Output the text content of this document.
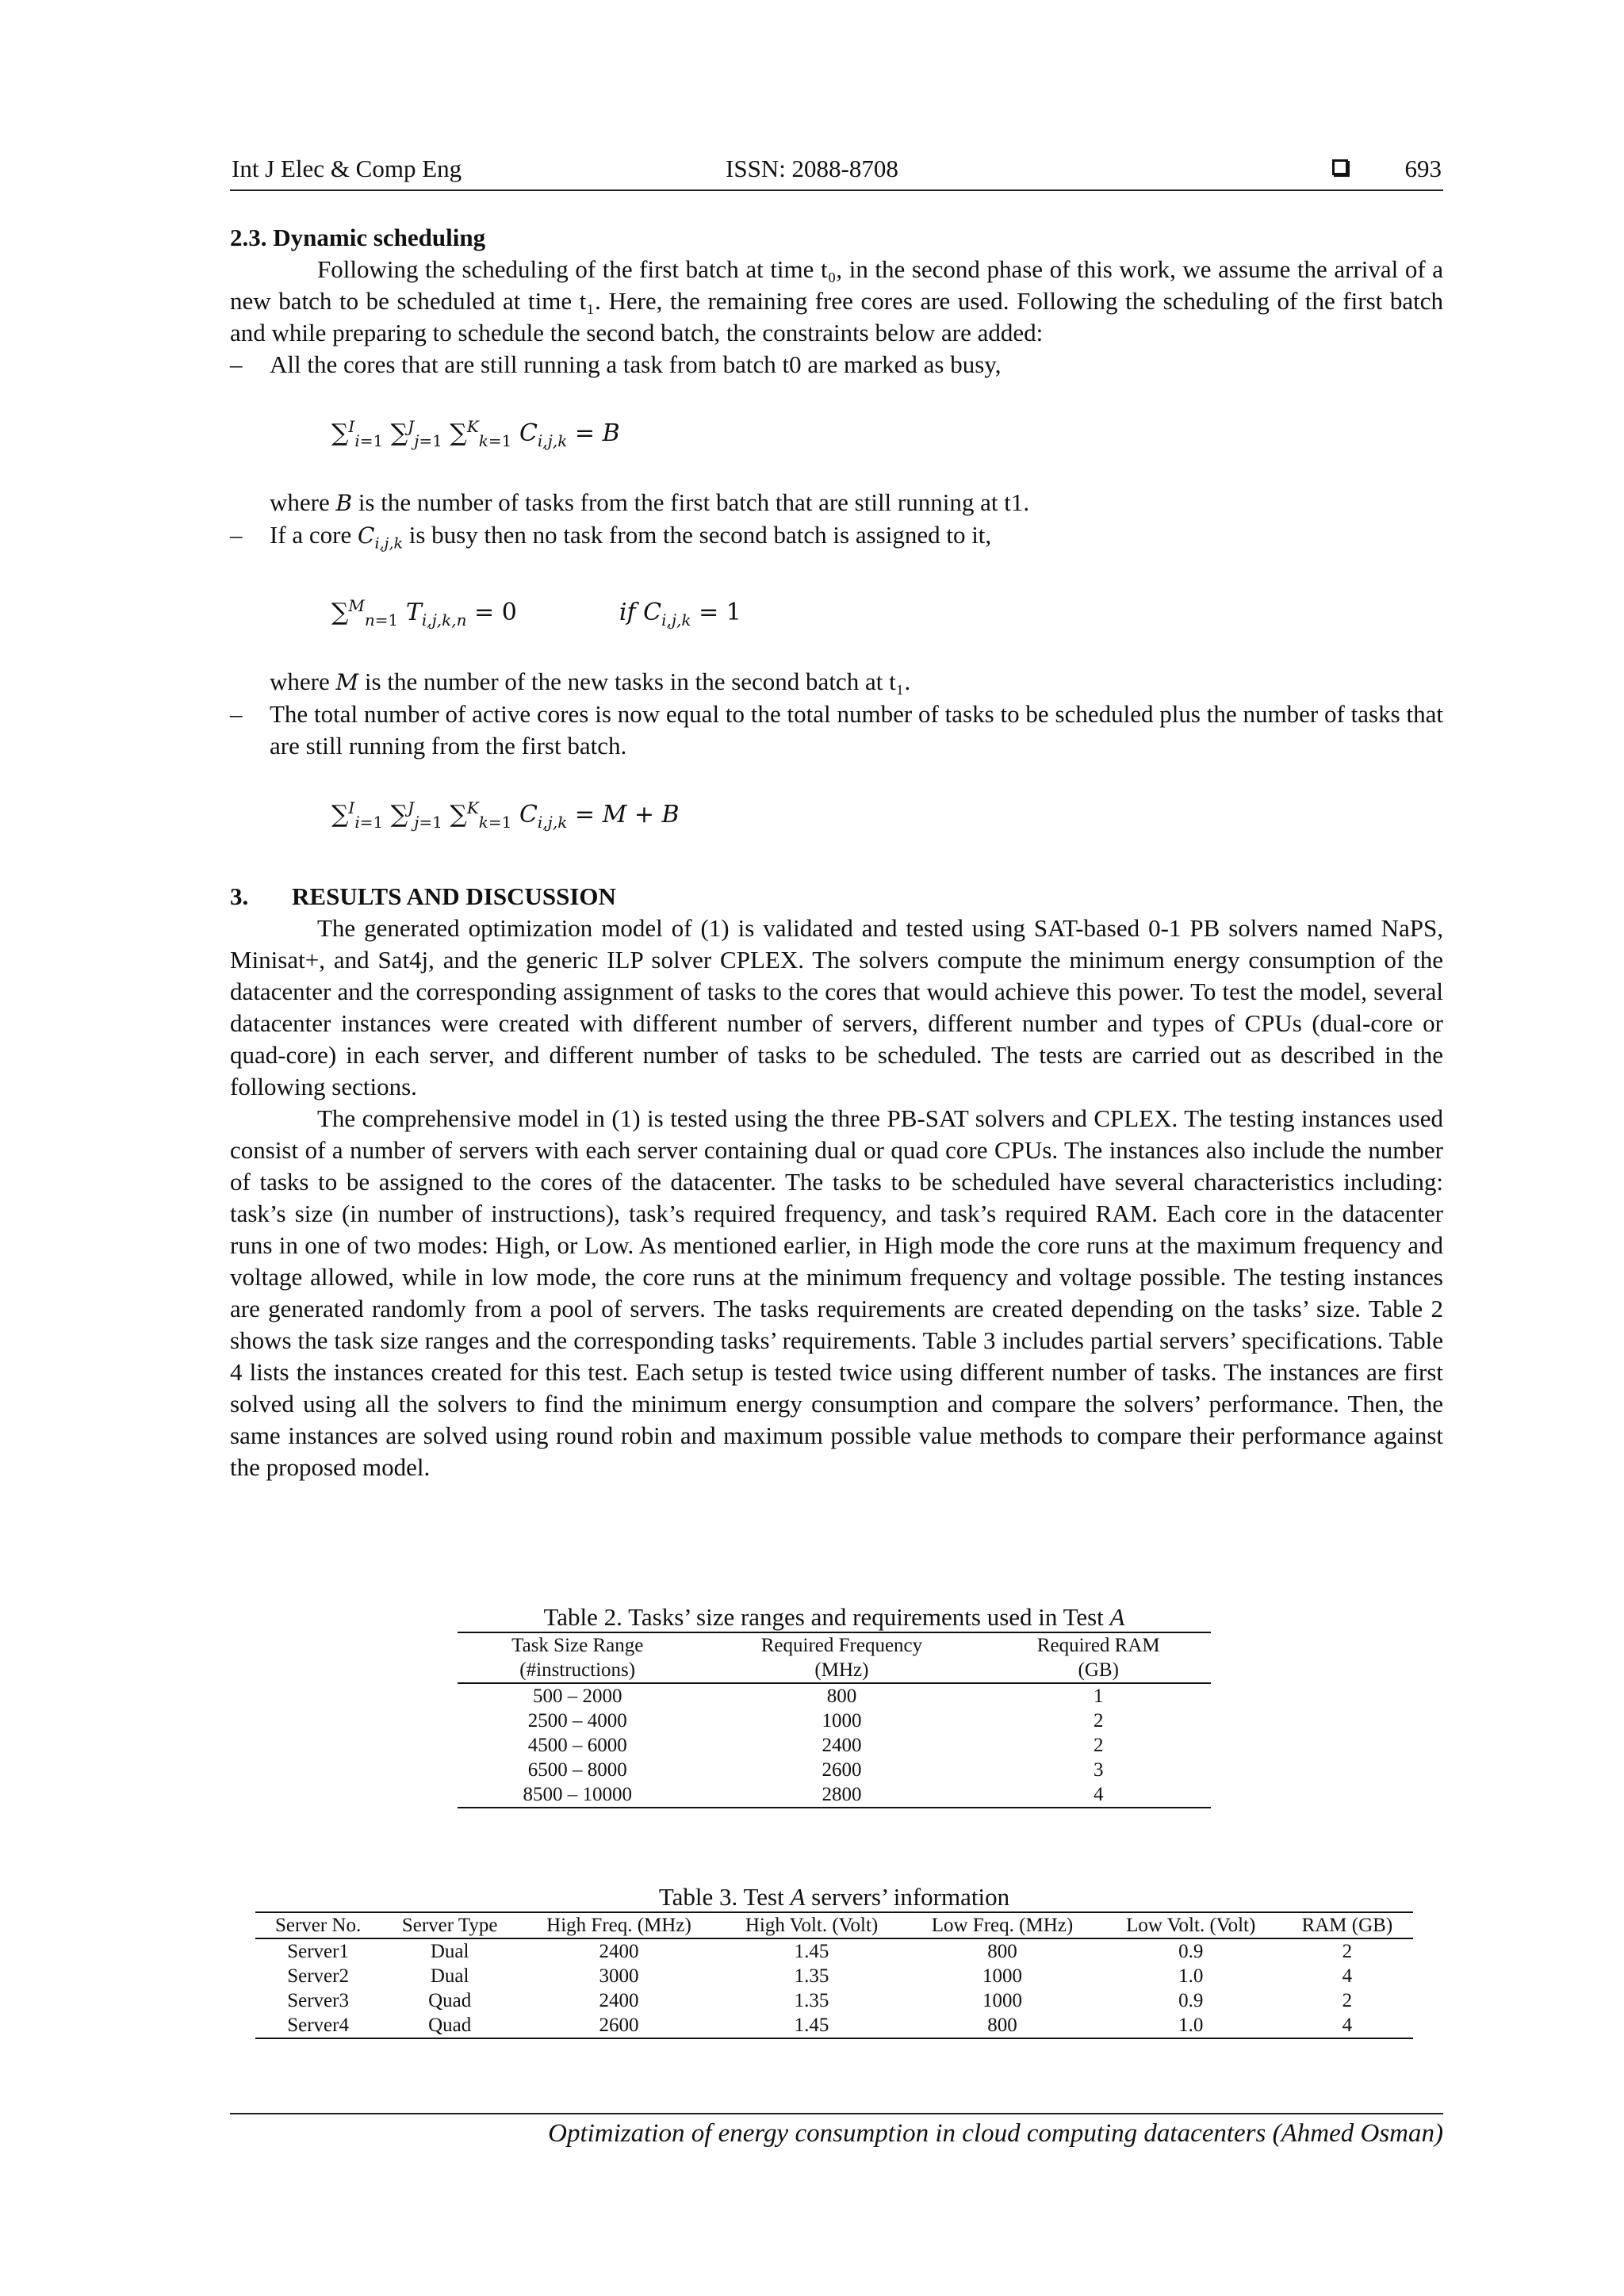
Int J Elec & Comp Eng	ISSN: 2088-8708	693
2.3. Dynamic scheduling

Following the scheduling of the first batch at time t₀, in the second phase of this work, we assume the arrival of a new batch to be scheduled at time t₁. Here, the remaining free cores are used. Following the scheduling of the first batch and while preparing to schedule the second batch, the constraints below are added:

– All the cores that are still running a task from batch t0 are marked as busy,
∑$^I_{i=1}$ ∑$^J_{j=1}$ ∑$^K_{k=1}$ $C_{i,j,k} = B$

where B is the number of tasks from the first batch that are still running at t1.

– If a core $C_{i,j,k}$ is busy then no task from the second batch is assigned to it,
∑$^M_{n=1}$ $T_{i,j,k,n} = 0$	if $C_{i,j,k} = 1$

where M is the number of the new tasks in the second batch at t₁.

– The total number of active cores is now equal to the total number of tasks to be scheduled plus the number of tasks that are still running from the first batch.
∑$^I_{i=1}$ ∑$^J_{j=1}$ ∑$^K_{k=1}$ $C_{i,j,k} = M + B$
3. RESULTS AND DISCUSSION

The generated optimization model of (1) is validated and tested using SAT-based 0-1 PB solvers named NaPS, Minisat+, and Sat4j, and the generic ILP solver CPLEX. The solvers compute the minimum energy consumption of the datacenter and the corresponding assignment of tasks to the cores that would achieve this power. To test the model, several datacenter instances were created with different number of servers, different number and types of CPUs (dual-core or quad-core) in each server, and different number of tasks to be scheduled. The tests are carried out as described in the following sections.

The comprehensive model in (1) is tested using the three PB-SAT solvers and CPLEX. The testing instances used consist of a number of servers with each server containing dual or quad core CPUs. The instances also include the number of tasks to be assigned to the cores of the datacenter. The tasks to be scheduled have several characteristics including: task’s size (in number of instructions), task’s required frequency, and task’s required RAM. Each core in the datacenter runs in one of two modes: High, or Low. As mentioned earlier, in High mode the core runs at the maximum frequency and voltage allowed, while in low mode, the core runs at the minimum frequency and voltage possible. The testing instances are generated randomly from a pool of servers. The tasks requirements are created depending on the tasks’ size. Table 2 shows the task size ranges and the corresponding tasks’ requirements. Table 3 includes partial servers’ specifications. Table 4 lists the instances created for this test. Each setup is tested twice using different number of tasks. The instances are first solved using all the solvers to find the minimum energy consumption and compare the solvers’ performance. Then, the same instances are solved using round robin and maximum possible value methods to compare their performance against the proposed model.

Table 2. Tasks’ size ranges and requirements used in Test A
Task Size Range	Required Frequency	Required RAM
(#instructions)	(MHz)	(GB)
500 – 2000	800	1
2500 – 4000	1000	2
4500 – 6000	2400	2
6500 – 8000	2600	3
8500 – 10000	2800	4
Table 3. Test A servers’ information
Server No.	Server Type	High Freq. (MHz)	High Volt. (Volt)	Low Freq. (MHz)	Low Volt. (Volt)	RAM (GB)
Server1	Dual	2400	1.45	800	0.9	2
Server2	Dual	3000	1.35	1000	1.0	4
Server3	Quad	2400	1.35	1000	0.9	2
Server4	Quad	2600	1.45	800	1.0	4
Optimization of energy consumption in cloud computing datacenters (Ahmed Osman)
